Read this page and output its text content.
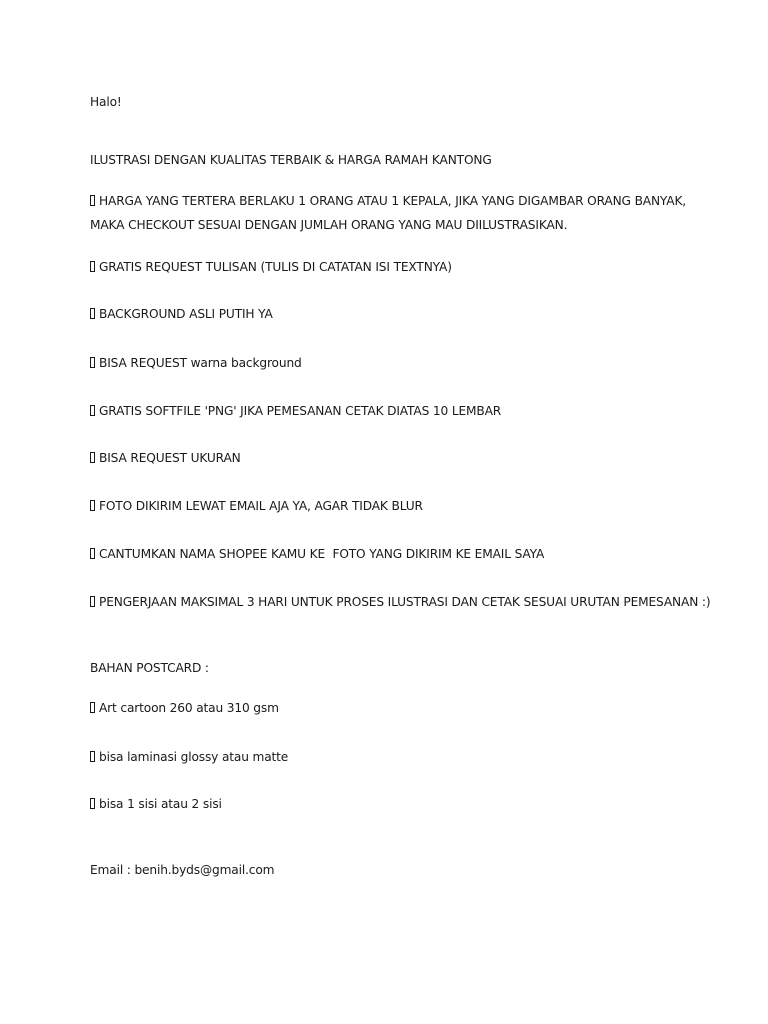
Halo!
ILUSTRASI DENGAN KUALITAS TERBAIK & HARGA RAMAH KANTONG
HARGA YANG TERTERA BERLAKU 1 ORANG ATAU 1 KEPALA, JIKA YANG DIGAMBAR ORANG BANYAK,
MAKA CHECKOUT SESUAI DENGAN JUMLAH ORANG YANG MAU DIILUSTRASIKAN.
GRATIS REQUEST TULISAN (TULIS DI CATATAN ISI TEXTNYA)
BACKGROUND ASLI PUTIH YA
BISA REQUEST warna background
GRATIS SOFTFILE 'PNG' JIKA PEMESANAN CETAK DIATAS 10 LEMBAR
BISA REQUEST UKURAN
FOTO DIKIRIM LEWAT EMAIL AJA YA, AGAR TIDAK BLUR
CANTUMKAN NAMA SHOPEE KAMU KE  FOTO YANG DIKIRIM KE EMAIL SAYA
PENGERJAAN MAKSIMAL 3 HARI UNTUK PROSES ILUSTRASI DAN CETAK SESUAI URUTAN PEMESANAN :)
BAHAN POSTCARD :
Art cartoon 260 atau 310 gsm
bisa laminasi glossy atau matte
bisa 1 sisi atau 2 sisi
Email : benih.byds@gmail.com
